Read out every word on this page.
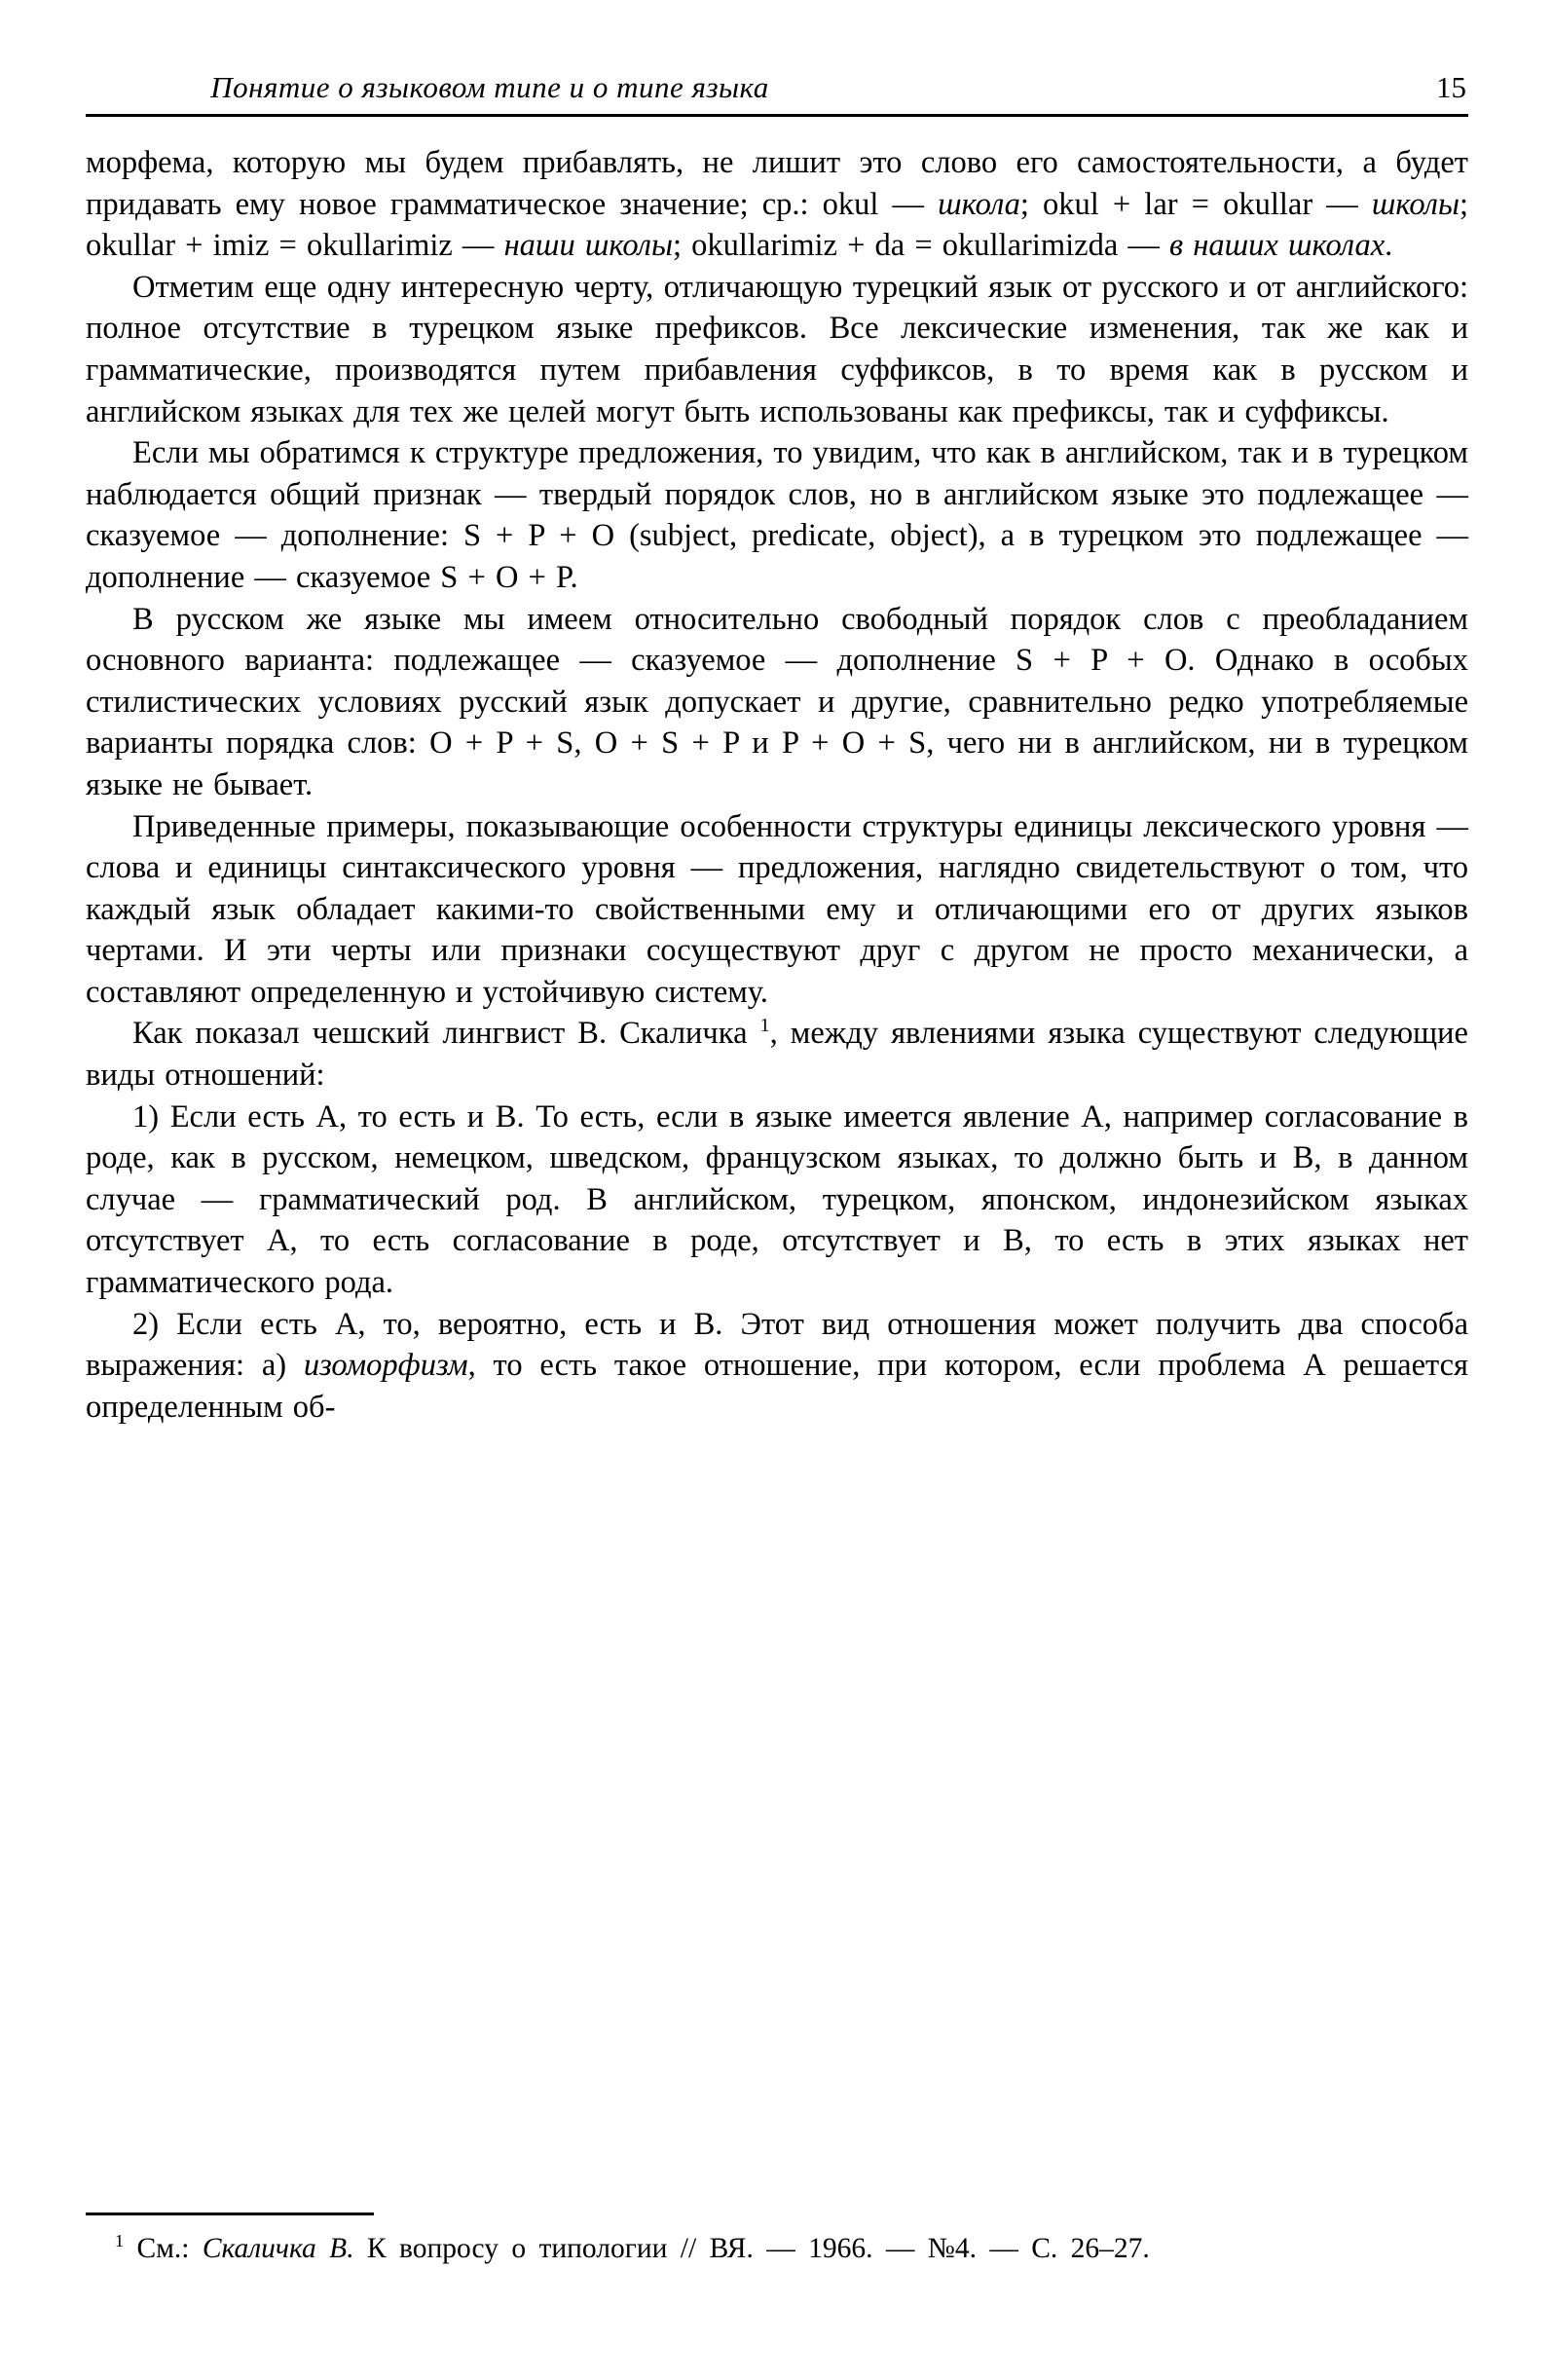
Понятие о языковом типе и о типе языка	15

морфема, которую мы будем прибавлять, не лишит это слово его самостоятельности, а будет придавать ему новое грамматическое значение; ср.: okul — школа; okul + lar = okullar — школы; okullar + imiz = okullarimiz — наши школы; okullarimiz + da = okullarimizda — в наших школах.

Отметим еще одну интересную черту, отличающую турецкий язык от русского и от английского: полное отсутствие в турецком языке префиксов. Все лексические изменения, так же как и грамматические, производятся путем прибавления суффиксов, в то время как в русском и английском языках для тех же целей могут быть использованы как префиксы, так и суффиксы.

Если мы обратимся к структуре предложения, то увидим, что как в английском, так и в турецком наблюдается общий признак — твердый порядок слов, но в английском языке это подлежащее — сказуемое — дополнение: S + P + O (subject, predicate, object), а в турецком это подлежащее — дополнение — сказуемое S + O + P.

В русском же языке мы имеем относительно свободный порядок слов с преобладанием основного варианта: подлежащее — сказуемое — дополнение S + P + O. Однако в особых стилистических условиях русский язык допускает и другие, сравнительно редко употребляемые варианты порядка слов: O + P + S, O + S + P и P + O + S, чего ни в английском, ни в турецком языке не бывает.

Приведенные примеры, показывающие особенности структуры единицы лексического уровня — слова и единицы синтаксического уровня — предложения, наглядно свидетельствуют о том, что каждый язык обладает какими-то свойственными ему и отличающими его от других языков чертами. И эти черты или признаки сосуществуют друг с другом не просто механически, а составляют определенную и устойчивую систему.

Как показал чешский лингвист В. Скаличка $^1$, между явлениями языка существуют следующие виды отношений:

1) Если есть А, то есть и В. То есть, если в языке имеется явление А, например согласование в роде, как в русском, немецком, шведском, французском языках, то должно быть и В, в данном случае — грамматический род. В английском, турецком, японском, индонезийском языках отсутствует А, то есть согласование в роде, отсутствует и В, то есть в этих языках нет грамматического рода.

2) Если есть А, то, вероятно, есть и В. Этот вид отношения может получить два способа выражения: а) изоморфизм, то есть такое отношение, при котором, если проблема А решается определенным об-

$^1$ См.: Скаличка В. К вопросу о типологии // ВЯ. — 1966. — №4. — С. 26–27.
